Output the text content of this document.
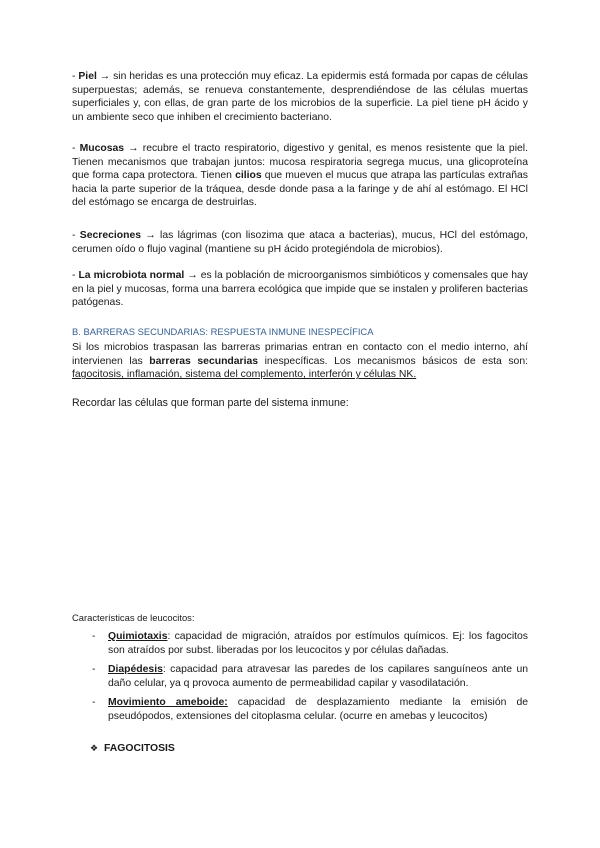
- Piel → sin heridas es una protección muy eficaz. La epidermis está formada por capas de células superpuestas; además, se renueva constantemente, desprendiéndose de las células muertas superficiales y, con ellas, de gran parte de los microbios de la superficie. La piel tiene pH ácido y un ambiente seco que inhiben el crecimiento bacteriano.

- Mucosas → recubre el tracto respiratorio, digestivo y genital, es menos resistente que la piel. Tienen mecanismos que trabajan juntos: mucosa respiratoria segrega mucus, una glicoproteína que forma capa protectora. Tienen cilios que mueven el mucus que atrapa las partículas extrañas hacia la parte superior de la tráquea, desde donde pasa a la faringe y de ahí al estómago. El HCl del estómago se encarga de destruirlas.

- Secreciones → las lágrimas (con lisozima que ataca a bacterias), mucus, HCl del estómago, cerumen oído o flujo vaginal (mantiene su pH ácido protegiéndola de microbios).

- La microbiota normal → es la población de microorganismos simbióticos y comensales que hay en la piel y mucosas, forma una barrera ecológica que impide que se instalen y proliferen bacterias patógenas.

B. BARRERAS SECUNDARIAS: RESPUESTA INMUNE INESPECÍFICA

Si los microbios traspasan las barreras primarias entran en contacto con el medio interno, ahí intervienen las barreras secundarias inespecíficas. Los mecanismos básicos de esta son: fagocitosis, inflamación, sistema del complemento, interferón y células NK.

Recordar las células que forman parte del sistema inmune:
Características de leucocitos:
- Quimiotaxis: capacidad de migración, atraídos por estímulos químicos. Ej: los fagocitos son atraídos por subst. liberadas por los leucocitos y por células dañadas.
- Diapédesis: capacidad para atravesar las paredes de los capilares sanguíneos ante un daño celular, ya q provoca aumento de permeabilidad capilar y vasodilatación.
- Movimiento ameboide: capacidad de desplazamiento mediante la emisión de pseudópodos, extensiones del citoplasma celular. (ocurre en amebas y leucocitos)
❖ FAGOCITOSIS
